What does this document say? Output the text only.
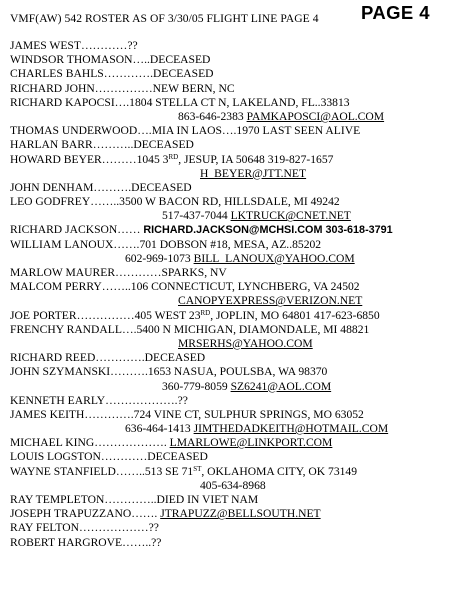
VMF(AW) 542 ROSTER AS OF 3/30/05 FLIGHT LINE PAGE 4 PAGE 4
JAMES WEST…………??
WINDSOR THOMASON…..DECEASED
CHARLES BAHLS………….DECEASED
RICHARD JOHN……………NEW BERN, NC
RICHARD KAPOCSI….1804 STELLA CT N, LAKELAND, FL..33813
863-646-2383 PAMKAPOSCI@AOL.COM
THOMAS UNDERWOOD….MIA IN LAOS….1970 LAST SEEN ALIVE
HARLAN BARR………..DECEASED
HOWARD BEYER………1045 3RD, JESUP, IA 50648 319-827-1657
H_BEYER@JTT.NET
JOHN DENHAM……….DECEASED
LEO GODFREY……..3500 W BACON RD, HILLSDALE, MI 49242
517-437-7044 LKTRUCK@CNET.NET
RICHARD JACKSON…… RICHARD.JACKSON@MCHSI.COM 303-618-3791
WILLIAM LANOUX…….701 DOBSON #18, MESA, AZ..85202
602-969-1073 BILL_LANOUX@YAHOO.COM
MARLOW MAURER…………SPARKS, NV
MALCOM PERRY……..106 CONNECTICUT, LYNCHBERG, VA 24502
CANOPYEXPRESS@VERIZON.NET
JOE PORTER……………405 WEST 23RD, JOPLIN, MO 64801 417-623-6850
FRENCHY RANDALL….5400 N MICHIGAN, DIAMONDALE, MI 48821
MRSERHS@YAHOO.COM
RICHARD REED………….DECEASED
JOHN SZYMANSKI……….1653 NASUA, POULSBA, WA 98370
360-779-8059 SZ6241@AOL.COM
KENNETH EARLY……………….??
JAMES KEITH………….724 VINE CT, SULPHUR SPRINGS, MO 63052
636-464-1413 JIMTHEDADKEITH@HOTMAIL.COM
MICHAEL KING………………. LMARLOWE@LINKPORT.COM
LOUIS LOGSTON…………DECEASED
WAYNE STANFIELD……..513 SE 71ST, OKLAHOMA CITY, OK 73149
405-634-8968
RAY TEMPLETON…………..DIED IN VIET NAM
JOSEPH TRAPUZZANO……. JTRAPUZZ@BELLSOUTH.NET
RAY FELTON………………??
ROBERT HARGROVE……..??
